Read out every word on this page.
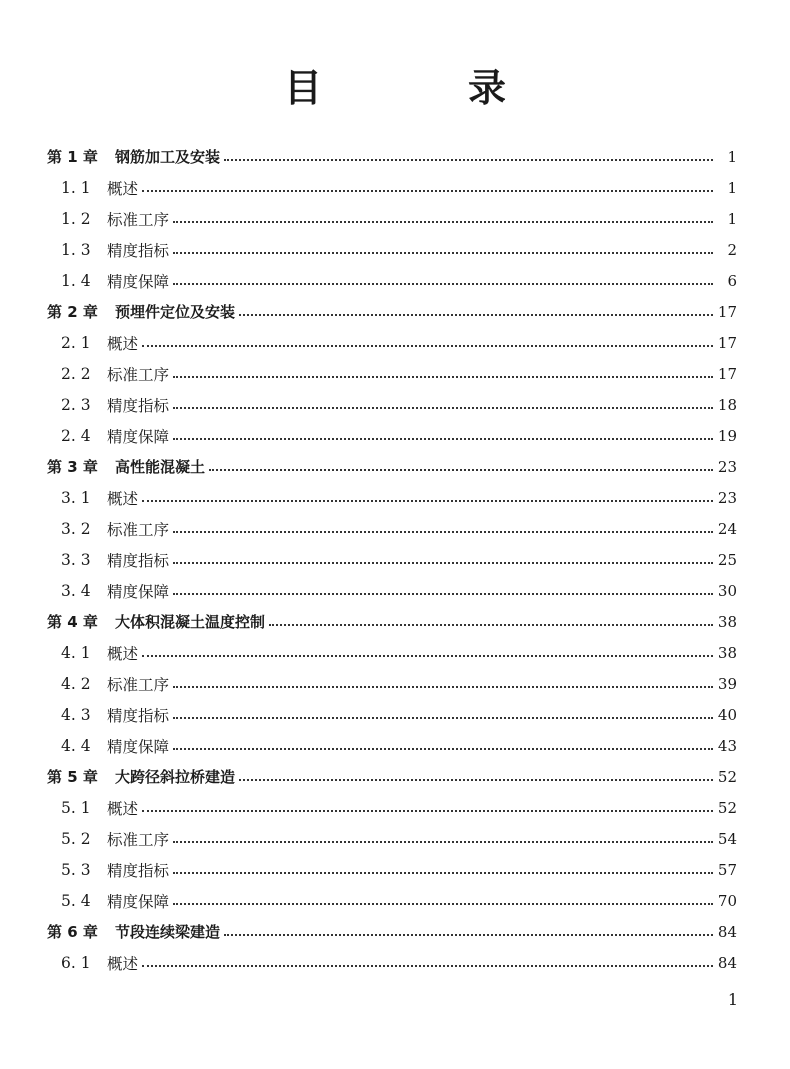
目　录
第 1 章	钢筋加工及安装	1
1. 1	概述	1
1. 2	标准工序	1
1. 3	精度指标	2
1. 4	精度保障	6
第 2 章	预埋件定位及安装	17
2. 1	概述	17
2. 2	标准工序	17
2. 3	精度指标	18
2. 4	精度保障	19
第 3 章	高性能混凝土	23
3. 1	概述	23
3. 2	标准工序	24
3. 3	精度指标	25
3. 4	精度保障	30
第 4 章	大体积混凝土温度控制	38
4. 1	概述	38
4. 2	标准工序	39
4. 3	精度指标	40
4. 4	精度保障	43
第 5 章	大跨径斜拉桥建造	52
5. 1	概述	52
5. 2	标准工序	54
5. 3	精度指标	57
5. 4	精度保障	70
第 6 章	节段连续梁建造	84
6. 1	概述	84
1
